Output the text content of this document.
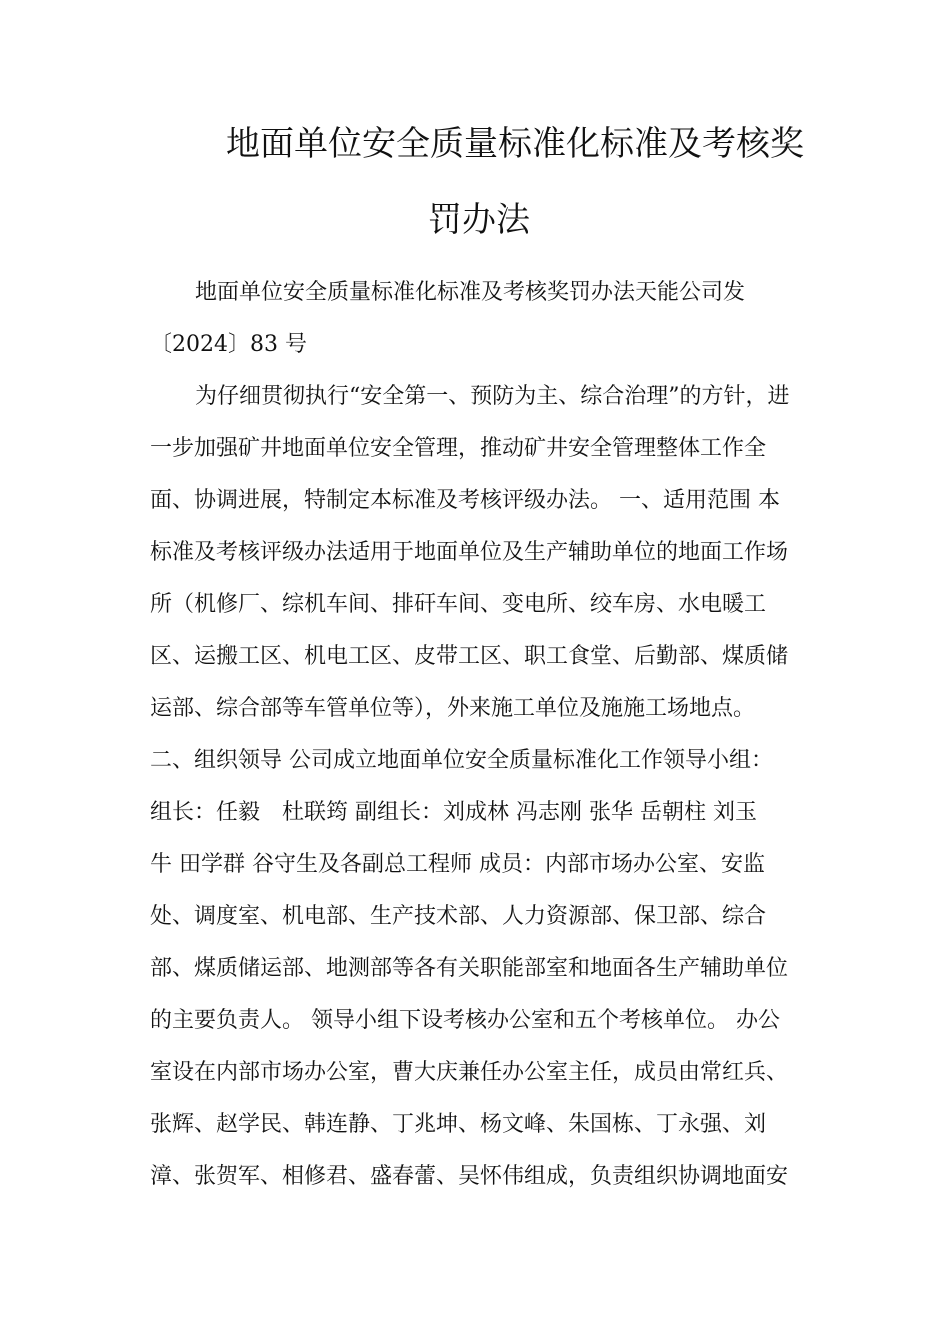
地面单位安全质量标准化标准及考核奖
罚办法
地面单位安全质量标准化标准及考核奖罚办法天能公司发
〔2024〕83 号
为仔细贯彻执行“安全第一、预防为主、综合治理”的方针，进
一步加强矿井地面单位安全管理，推动矿井安全管理整体工作全
面、协调进展，特制定本标准及考核评级办法。 一、适用范围 本
标准及考核评级办法适用于地面单位及生产辅助单位的地面工作场
所（机修厂、综机车间、排矸车间、变电所、绞车房、水电暖工
区、运搬工区、机电工区、皮带工区、职工食堂、后勤部、煤质储
运部、综合部等车管单位等），外来施工单位及施施工场地点。
二、组织领导 公司成立地面单位安全质量标准化工作领导小组：
组长：任毅　杜联筠 副组长：刘成林 冯志刚 张华 岳朝柱 刘玉
牛 田学群 谷守生及各副总工程师 成员：内部市场办公室、安监
处、调度室、机电部、生产技术部、人力资源部、保卫部、综合
部、煤质储运部、地测部等各有关职能部室和地面各生产辅助单位
的主要负责人。 领导小组下设考核办公室和五个考核单位。 办公
室设在内部市场办公室，曹大庆兼任办公室主任，成员由常红兵、
张辉、赵学民、韩连静、丁兆坤、杨文峰、朱国栋、丁永强、刘
漳、张贺军、相修君、盛春蕾、吴怀伟组成，负责组织协调地面安
